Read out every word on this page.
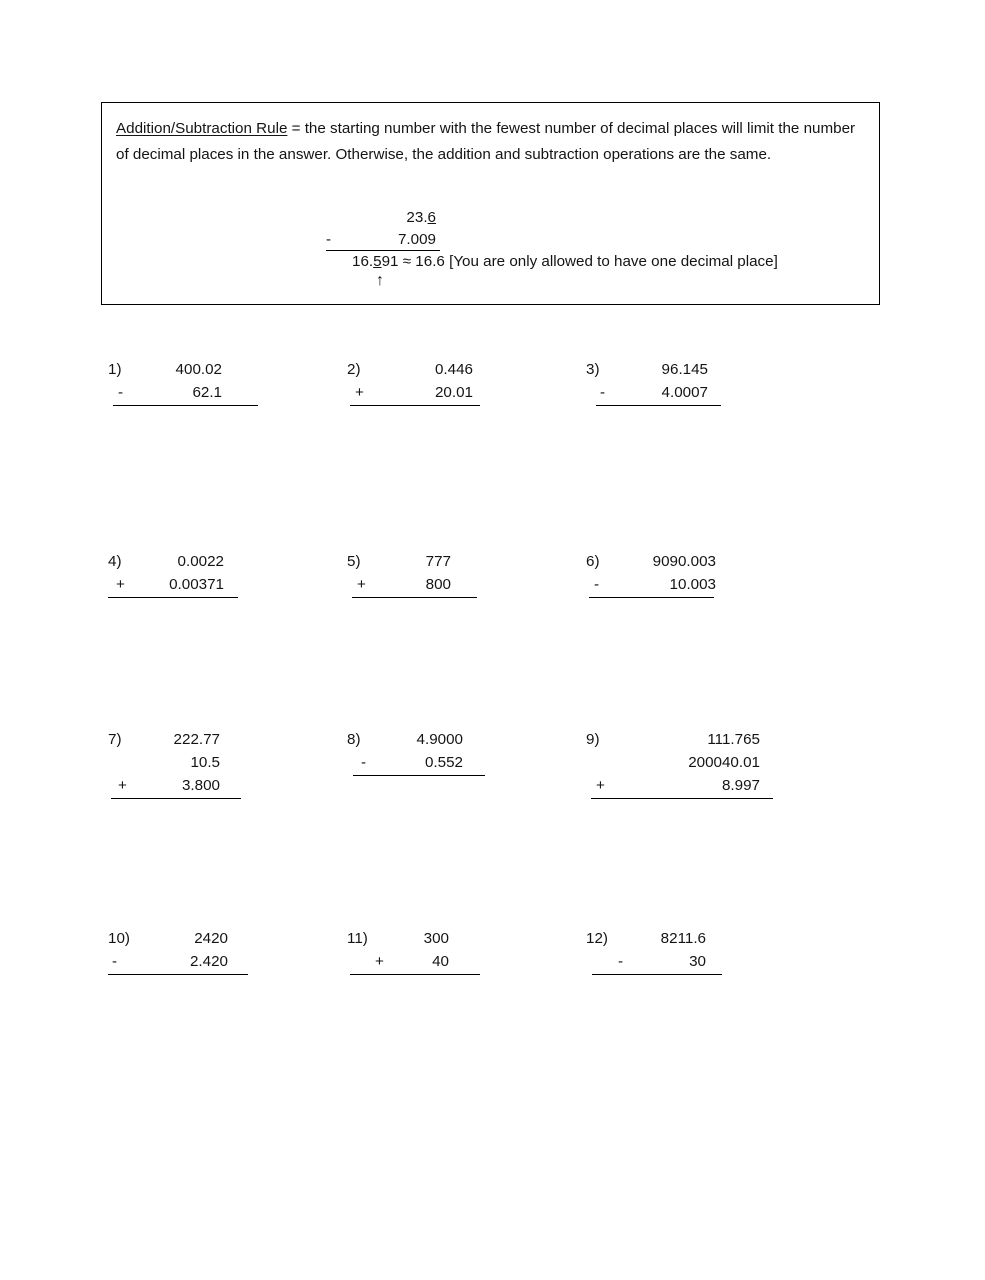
Addition/Subtraction Rule = the starting number with the fewest number of decimal places will limit the number of decimal places in the answer. Otherwise, the addition and subtraction operations are the same.
23.6
-	7.009
16.591 ≈ 16.6 [You are only allowed to have one decimal place]
↑
1)	400.02
-	62.1
2)	0.446
+	20.01
3)	96.145
-	4.0007
4)	0.0022
+	0.00371
5)	777
+	800
6)	9090.003
-	10.003
7)	222.77
10.5
+	3.800
8)	4.9000
-	0.552
9)	111.765
200040.01
+	8.997
10)	2420
-	2.420
11)	300
+	40
12)	8211.6
-	30
